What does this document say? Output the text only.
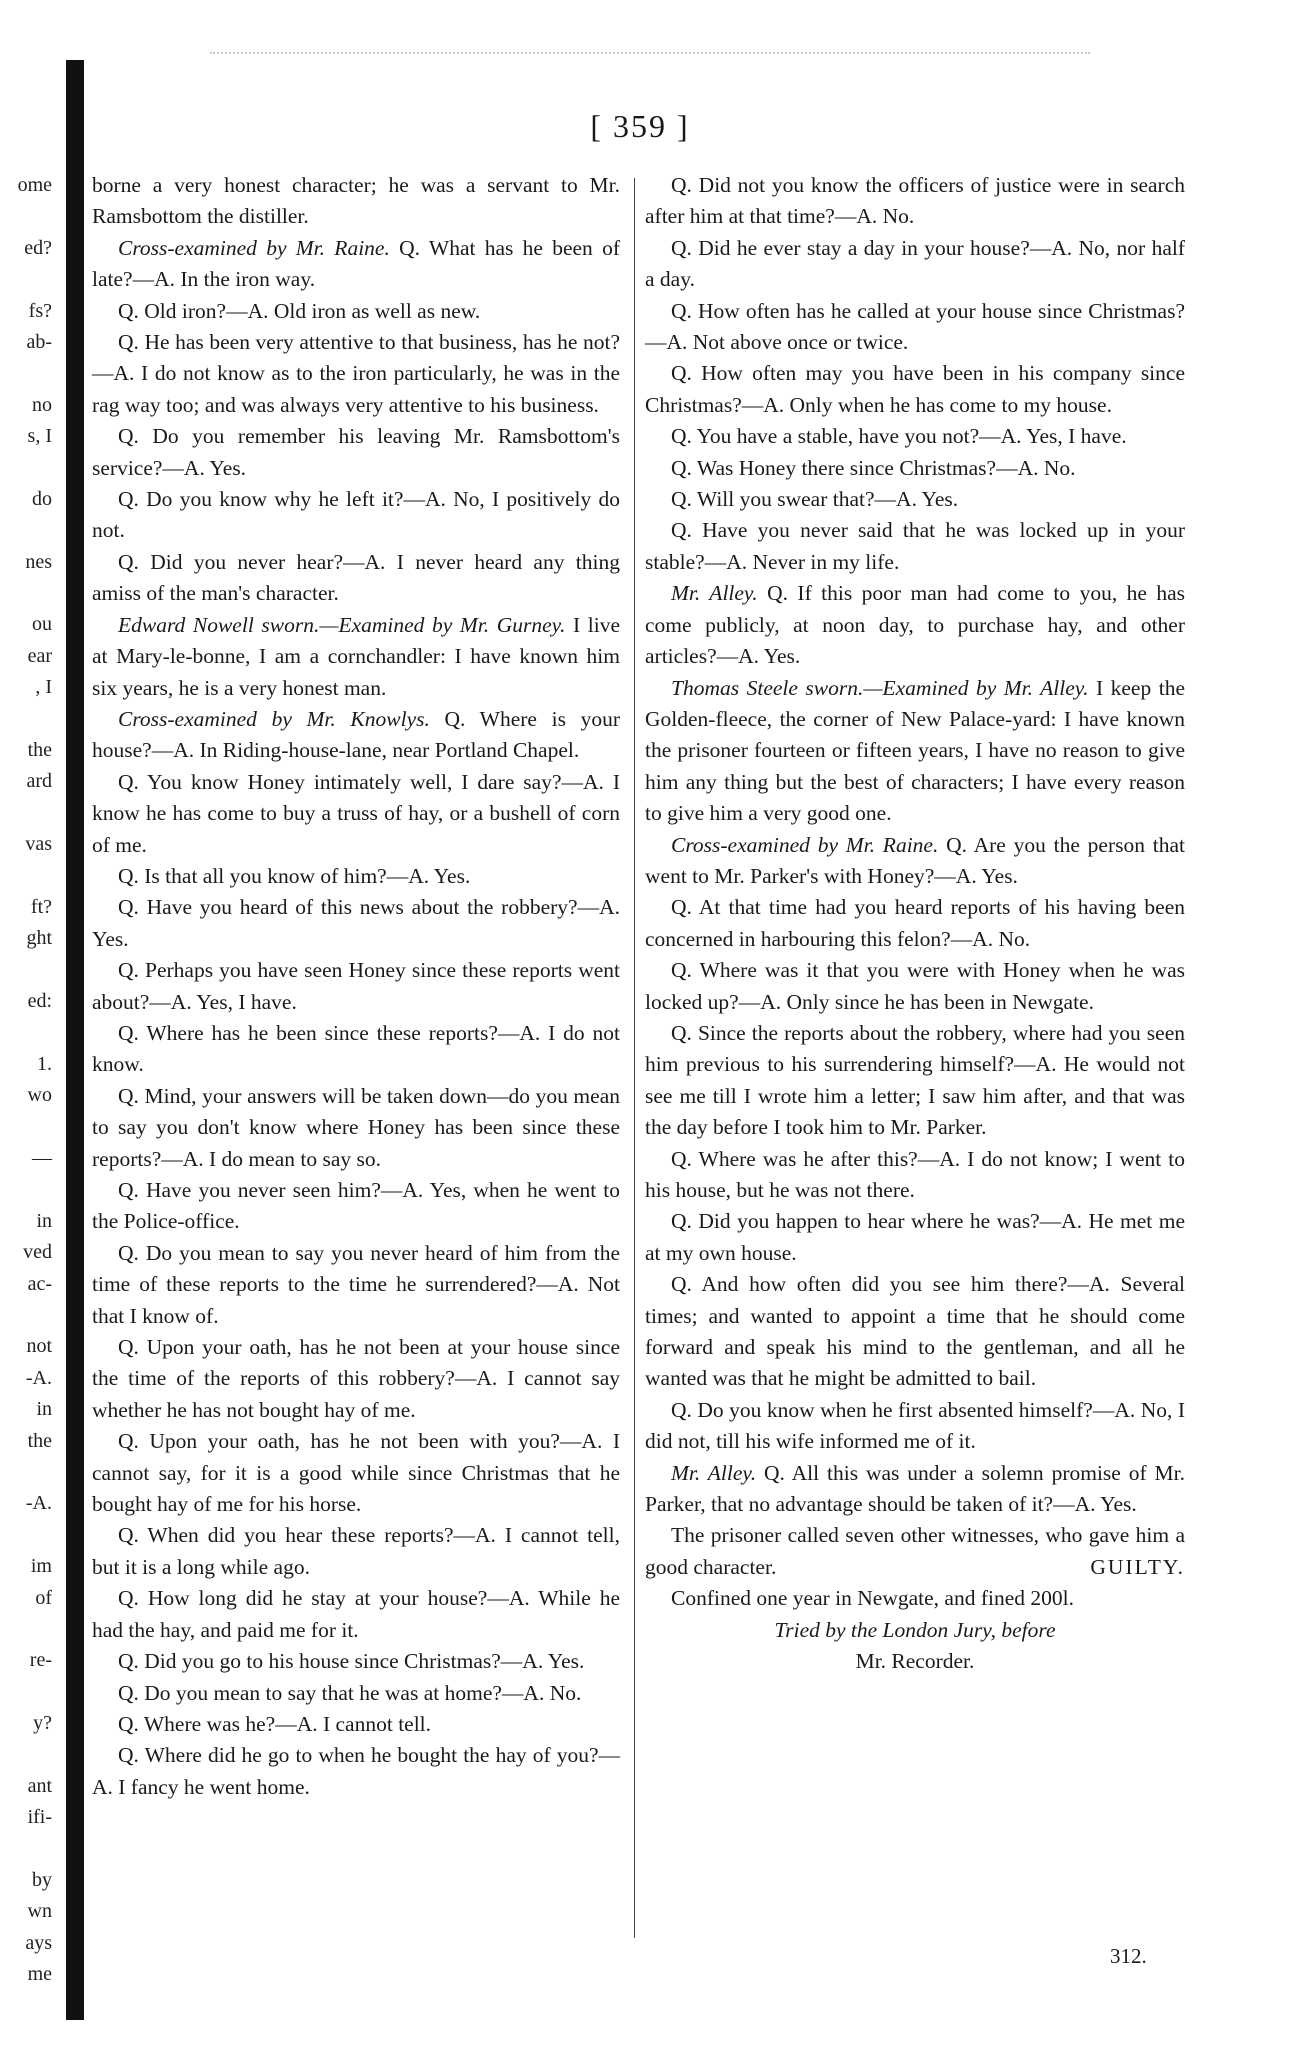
[ 359 ]
ome
ed?
fs?
ab-
no
s, I
do
nes
ou
ear
, I
the
ard
vas
ft?
ght
ed:
1.
wo
—
in
ved
ac-
not
-A.
in
the
-A.
im
of
re-
y?
ant
ifi-
by
wn
ays
me

borne a very honest character; he was a servant to Mr. Ramsbottom the distiller.

Cross-examined by Mr. Raine. Q. What has he been of late?—A. In the iron way.

Q. Old iron?—A. Old iron as well as new.

Q. He has been very attentive to that business, has he not?—A. I do not know as to the iron particularly, he was in the rag way too; and was always very attentive to his business.

Q. Do you remember his leaving Mr. Ramsbottom's service?—A. Yes.

Q. Do you know why he left it?—A. No, I positively do not.

Q. Did you never hear?—A. I never heard any thing amiss of the man's character.

Edward Nowell sworn.—Examined by Mr. Gurney. I live at Mary-le-bonne, I am a cornchandler: I have known him six years, he is a very honest man.

Cross-examined by Mr. Knowlys. Q. Where is your house?—A. In Riding-house-lane, near Portland Chapel.

Q. You know Honey intimately well, I dare say?—A. I know he has come to buy a truss of hay, or a bushell of corn of me.

Q. Is that all you know of him?—A. Yes.

Q. Have you heard of this news about the robbery?—A. Yes.

Q. Perhaps you have seen Honey since these reports went about?—A. Yes, I have.

Q. Where has he been since these reports?—A. I do not know.

Q. Mind, your answers will be taken down—do you mean to say you don't know where Honey has been since these reports?—A. I do mean to say so.

Q. Have you never seen him?—A. Yes, when he went to the Police-office.

Q. Do you mean to say you never heard of him from the time of these reports to the time he surrendered?—A. Not that I know of.

Q. Upon your oath, has he not been at your house since the time of the reports of this robbery?—A. I cannot say whether he has not bought hay of me.

Q. Upon your oath, has he not been with you?—A. I cannot say, for it is a good while since Christmas that he bought hay of me for his horse.

Q. When did you hear these reports?—A. I cannot tell, but it is a long while ago.

Q. How long did he stay at your house?—A. While he had the hay, and paid me for it.

Q. Did you go to his house since Christmas?—A. Yes.

Q. Do you mean to say that he was at home?—A. No.

Q. Where was he?—A. I cannot tell.

Q. Where did he go to when he bought the hay of you?—A. I fancy he went home.

Q. Did not you know the officers of justice were in search after him at that time?—A. No.

Q. Did he ever stay a day in your house?—A. No, nor half a day.

Q. How often has he called at your house since Christmas?—A. Not above once or twice.

Q. How often may you have been in his company since Christmas?—A. Only when he has come to my house.

Q. You have a stable, have you not?—A. Yes, I have.

Q. Was Honey there since Christmas?—A. No.

Q. Will you swear that?—A. Yes.

Q. Have you never said that he was locked up in your stable?—A. Never in my life.

Mr. Alley. Q. If this poor man had come to you, he has come publicly, at noon day, to purchase hay, and other articles?—A. Yes.

Thomas Steele sworn.—Examined by Mr. Alley. I keep the Golden-fleece, the corner of New Palace-yard: I have known the prisoner fourteen or fifteen years, I have no reason to give him any thing but the best of characters; I have every reason to give him a very good one.

Cross-examined by Mr. Raine. Q. Are you the person that went to Mr. Parker's with Honey?—A. Yes.

Q. At that time had you heard reports of his having been concerned in harbouring this felon?—A. No.

Q. Where was it that you were with Honey when he was locked up?—A. Only since he has been in Newgate.

Q. Since the reports about the robbery, where had you seen him previous to his surrendering himself?—A. He would not see me till I wrote him a letter; I saw him after, and that was the day before I took him to Mr. Parker.

Q. Where was he after this?—A. I do not know; I went to his house, but he was not there.

Q. Did you happen to hear where he was?—A. He met me at my own house.

Q. And how often did you see him there?—A. Several times; and wanted to appoint a time that he should come forward and speak his mind to the gentleman, and all he wanted was that he might be admitted to bail.

Q. Do you know when he first absented himself?—A. No, I did not, till his wife informed me of it.

Mr. Alley. Q. All this was under a solemn promise of Mr. Parker, that no advantage should be taken of it?—A. Yes.

The prisoner called seven other witnesses, who gave him a good character.	GUILTY.

Confined one year in Newgate, and fined 200l.

Tried by the London Jury, before

Mr. Recorder.

312.
